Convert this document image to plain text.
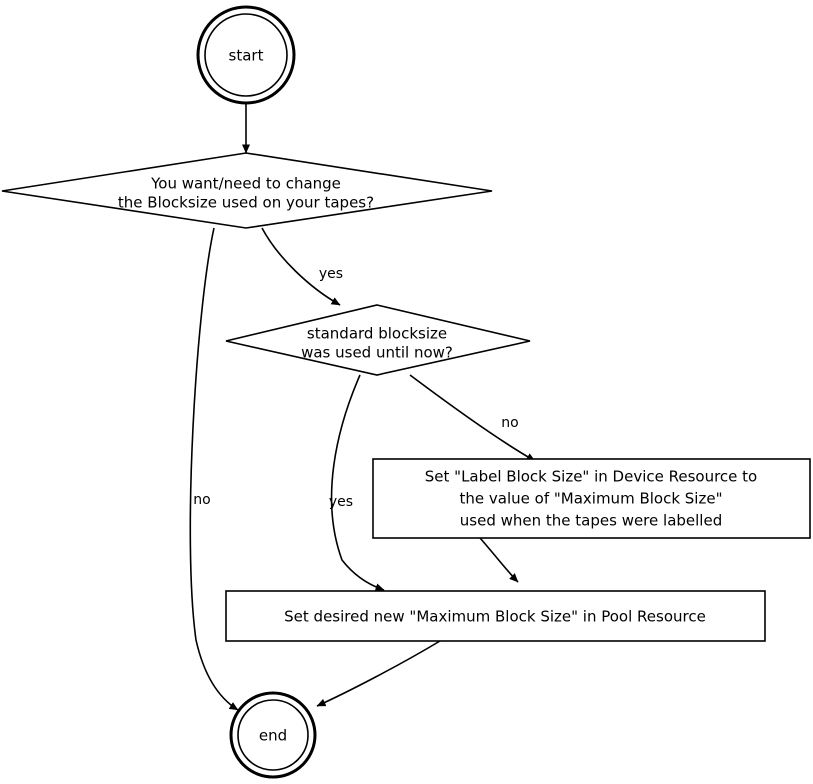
no
yes
yes
no
start
You want/need to change
the Blocksize used on your tapes?
standard blocksize
was used until now?
Set "Label Block Size" in Device Resource to
the value of "Maximum Block Size"
used when the tapes were labelled
Set desired new "Maximum Block Size" in Pool Resource
end
